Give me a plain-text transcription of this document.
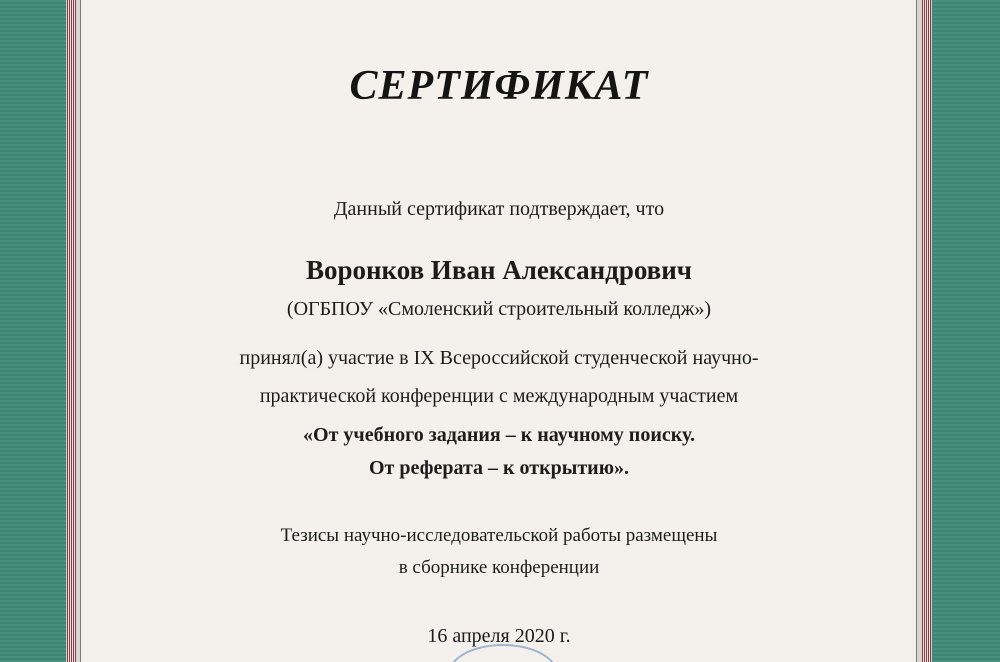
СЕРТИФИКАТ
Данный сертификат подтверждает, что
Воронков Иван Александрович
(ОГБПОУ «Смоленский строительный колледж»)
принял(а) участие в IX Всероссийской студенческой научно-
практической конференции с международным участием
«От учебного задания – к научному поиску.
От реферата – к открытию».
Тезисы научно-исследовательской работы размещены
в сборнике конференции
16 апреля 2020 г.
